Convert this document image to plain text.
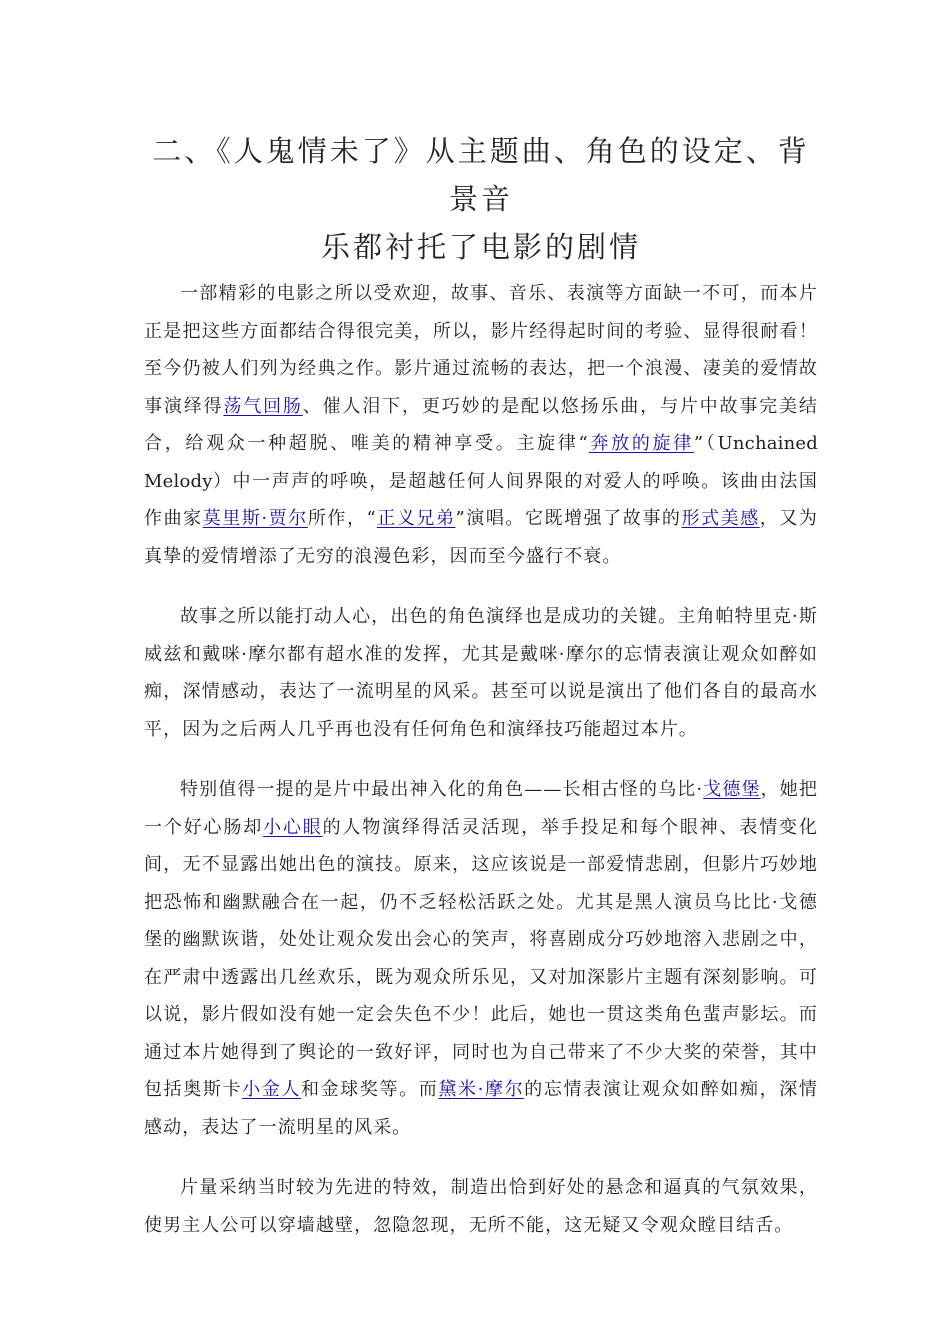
二、《人鬼情未了》从主题曲、角色的设定、背景音
乐都衬托了电影的剧情

一部精彩的电影之所以受欢迎，故事、音乐、表演等方面缺一不可，而本片正是把这些方面都结合得很完美，所以，影片经得起时间的考验、显得很耐看！至今仍被人们列为经典之作。影片通过流畅的表达，把一个浪漫、凄美的爱情故事演绎得荡气回肠、催人泪下，更巧妙的是配以悠扬乐曲，与片中故事完美结合，给观众一种超脱、唯美的精神享受。主旋律“奔放的旋律”（Unchained Melody）中一声声的呼唤，是超越任何人间界限的对爱人的呼唤。该曲由法国作曲家莫里斯·贾尔所作，“正义兄弟”演唱。它既增强了故事的形式美感，又为真挚的爱情增添了无穷的浪漫色彩，因而至今盛行不衰。

故事之所以能打动人心，出色的角色演绎也是成功的关键。主角帕特里克·斯威兹和戴咪·摩尔都有超水准的发挥，尤其是戴咪·摩尔的忘情表演让观众如醉如痴，深情感动，表达了一流明星的风采。甚至可以说是演出了他们各自的最高水平，因为之后两人几乎再也没有任何角色和演绎技巧能超过本片。

特别值得一提的是片中最出神入化的角色——长相古怪的乌比·戈德堡，她把一个好心肠却小心眼的人物演绎得活灵活现，举手投足和每个眼神、表情变化间，无不显露出她出色的演技。原来，这应该说是一部爱情悲剧，但影片巧妙地把恐怖和幽默融合在一起，仍不乏轻松活跃之处。尤其是黑人演员乌比比·戈德堡的幽默诙谐，处处让观众发出会心的笑声，将喜剧成分巧妙地溶入悲剧之中，在严肃中透露出几丝欢乐，既为观众所乐见，又对加深影片主题有深刻影响。可以说，影片假如没有她一定会失色不少！此后，她也一贯这类角色蜚声影坛。而通过本片她得到了舆论的一致好评，同时也为自己带来了不少大奖的荣誉，其中包括奥斯卡小金人和金球奖等。而黛米·摩尔的忘情表演让观众如醉如痴，深情感动，表达了一流明星的风采。

片量采纳当时较为先进的特效，制造出恰到好处的悬念和逼真的气氛效果，使男主人公可以穿墙越壁，忽隐忽现，无所不能，这无疑又令观众瞠目结舌。
